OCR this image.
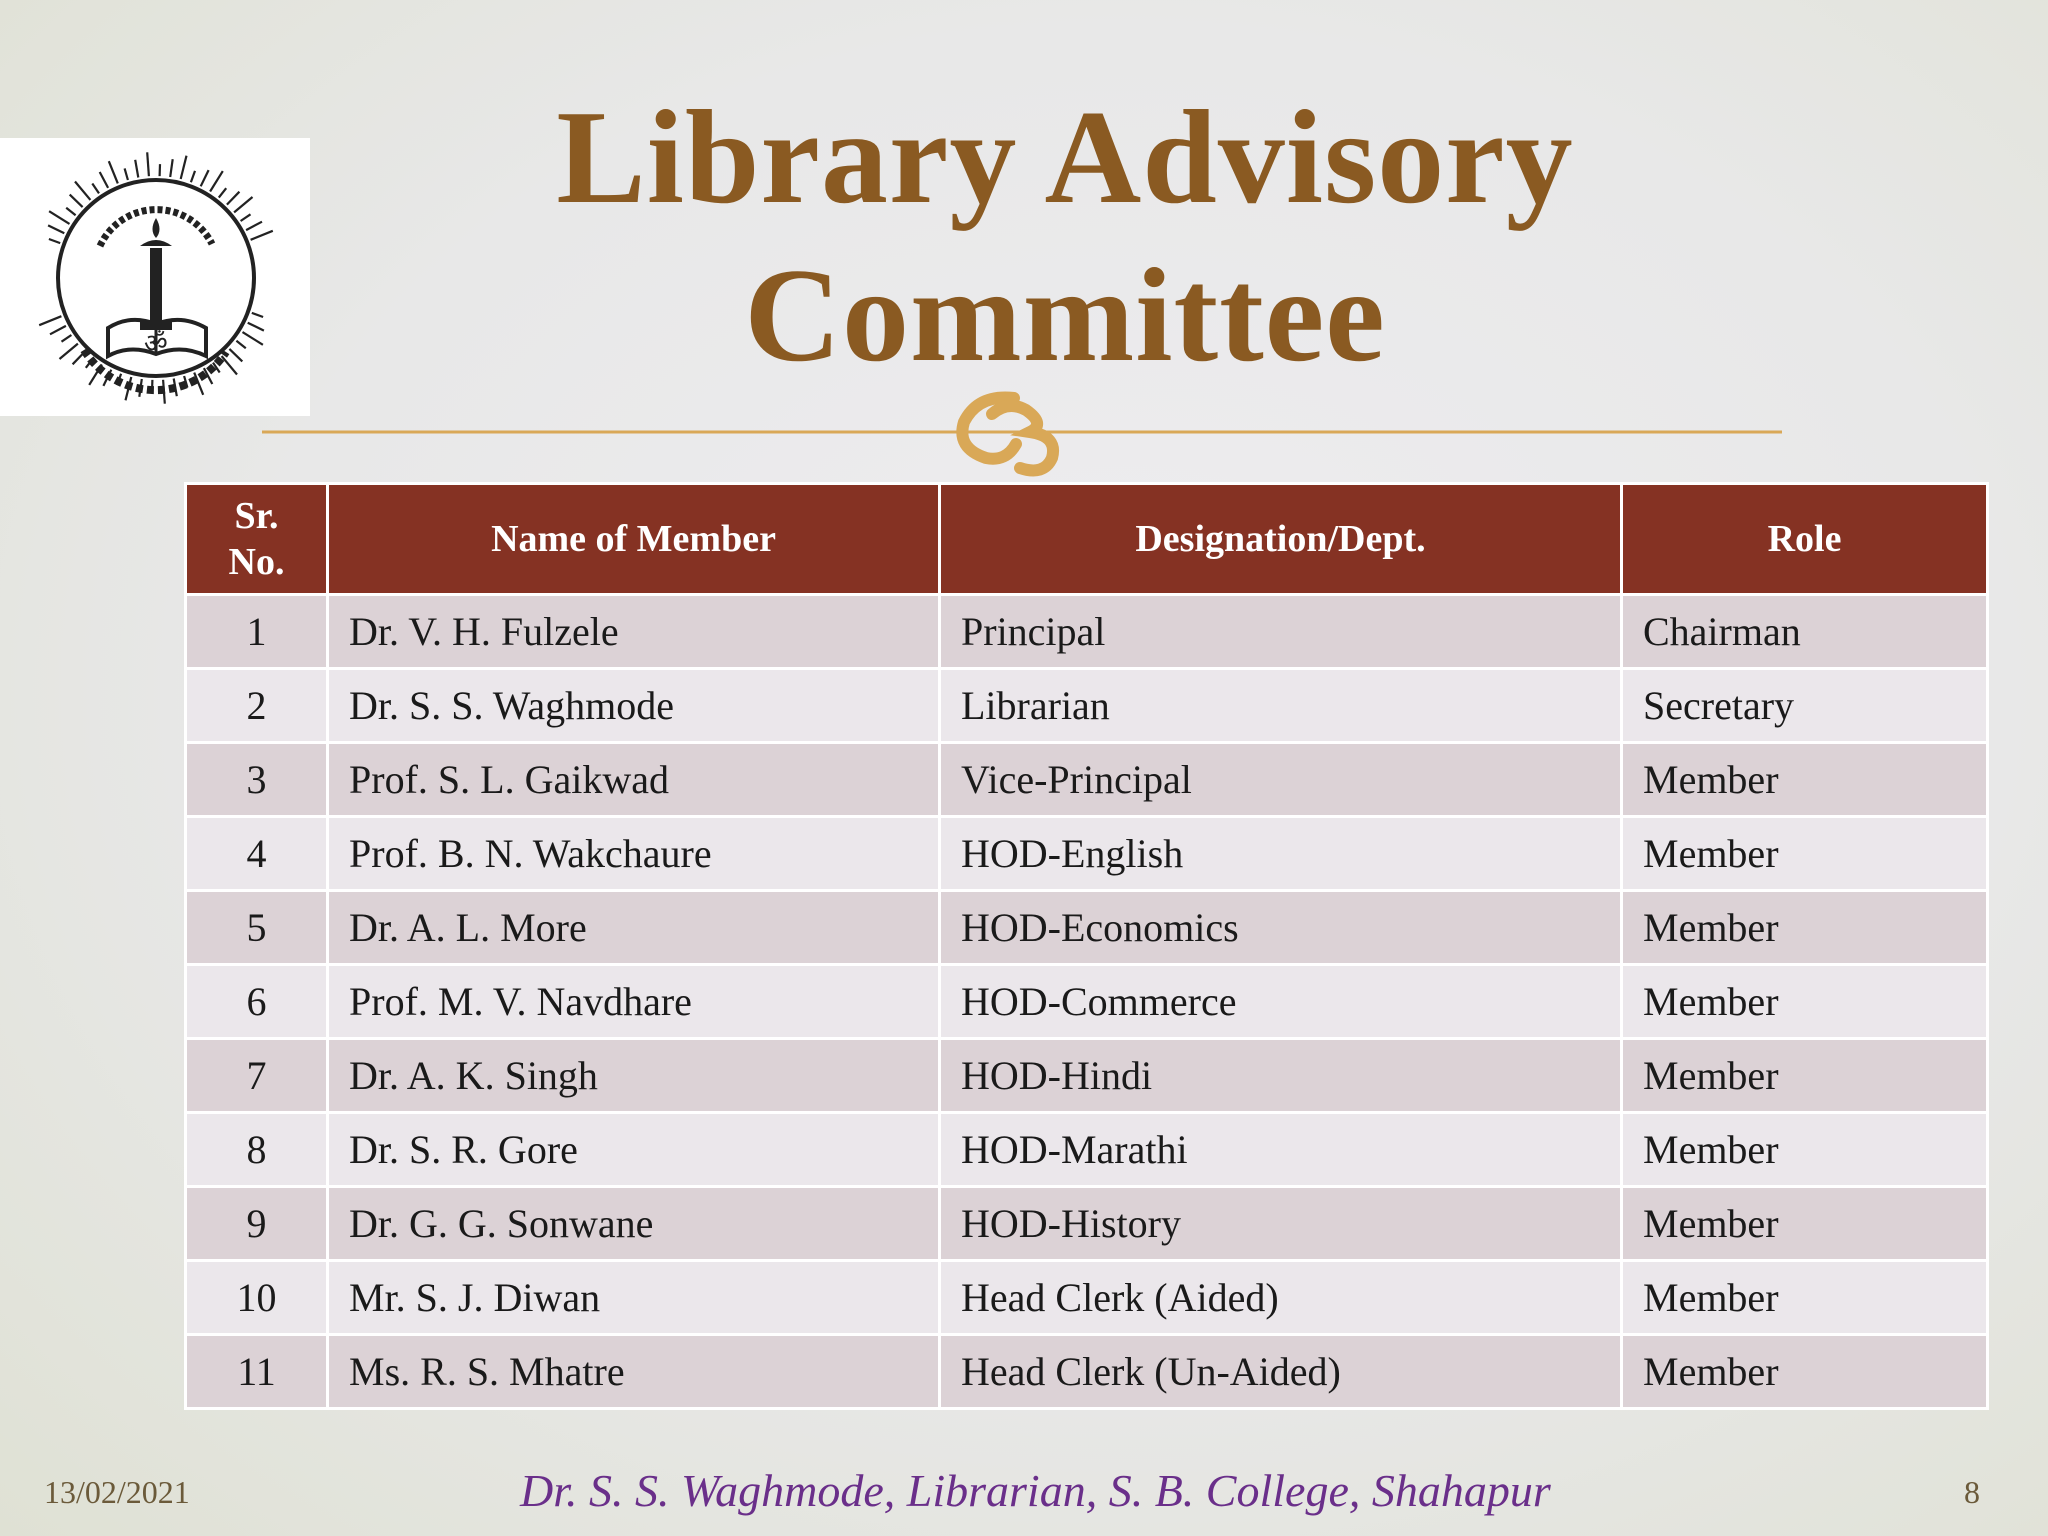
ॐ
Library Advisory
Committee
Sr.
No.	Name of Member	Designation/Dept.	Role
1	Dr. V. H. Fulzele	Principal	Chairman
2	Dr. S. S. Waghmode	Librarian	Secretary
3	Prof. S. L. Gaikwad	Vice-Principal	Member
4	Prof. B. N. Wakchaure	HOD-English	Member
5	Dr. A. L. More	HOD-Economics	Member
6	Prof. M. V. Navdhare	HOD-Commerce	Member
7	Dr. A. K. Singh	HOD-Hindi	Member
8	Dr. S. R. Gore	HOD-Marathi	Member
9	Dr. G. G. Sonwane	HOD-History	Member
10	Mr. S. J. Diwan	Head Clerk (Aided)	Member
11	Ms. R. S. Mhatre	Head Clerk (Un-Aided)	Member
13/02/2021	Dr. S. S. Waghmode, Librarian, S. B. College, Shahapur	8
